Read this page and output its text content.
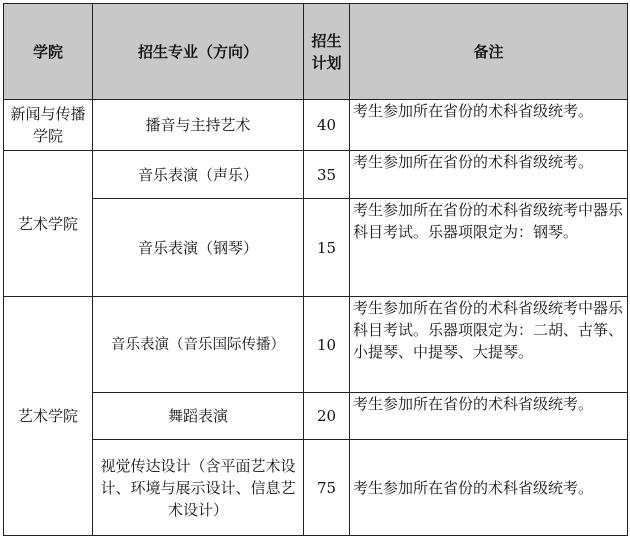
学院	招生专业（方向）	招生计划	备注
新闻与传播学院	播音与主持艺术	40	考生参加所在省份的术科省级统考。
艺术学院	音乐表演（声乐）	35	考生参加所在省份的术科省级统考。
	音乐表演（钢琴）	15	考生参加所在省份的术科省级统考中器乐科目考试。乐器项限定为：钢琴。
艺术学院	音乐表演（音乐国际传播）	10	考生参加所在省份的术科省级统考中器乐科目考试。乐器项限定为：二胡、古筝、小提琴、中提琴、大提琴。
	舞蹈表演	20	考生参加所在省份的术科省级统考。
	视觉传达设计（含平面艺术设计、环境与展示设计、信息艺术设计）	75	考生参加所在省份的术科省级统考。
